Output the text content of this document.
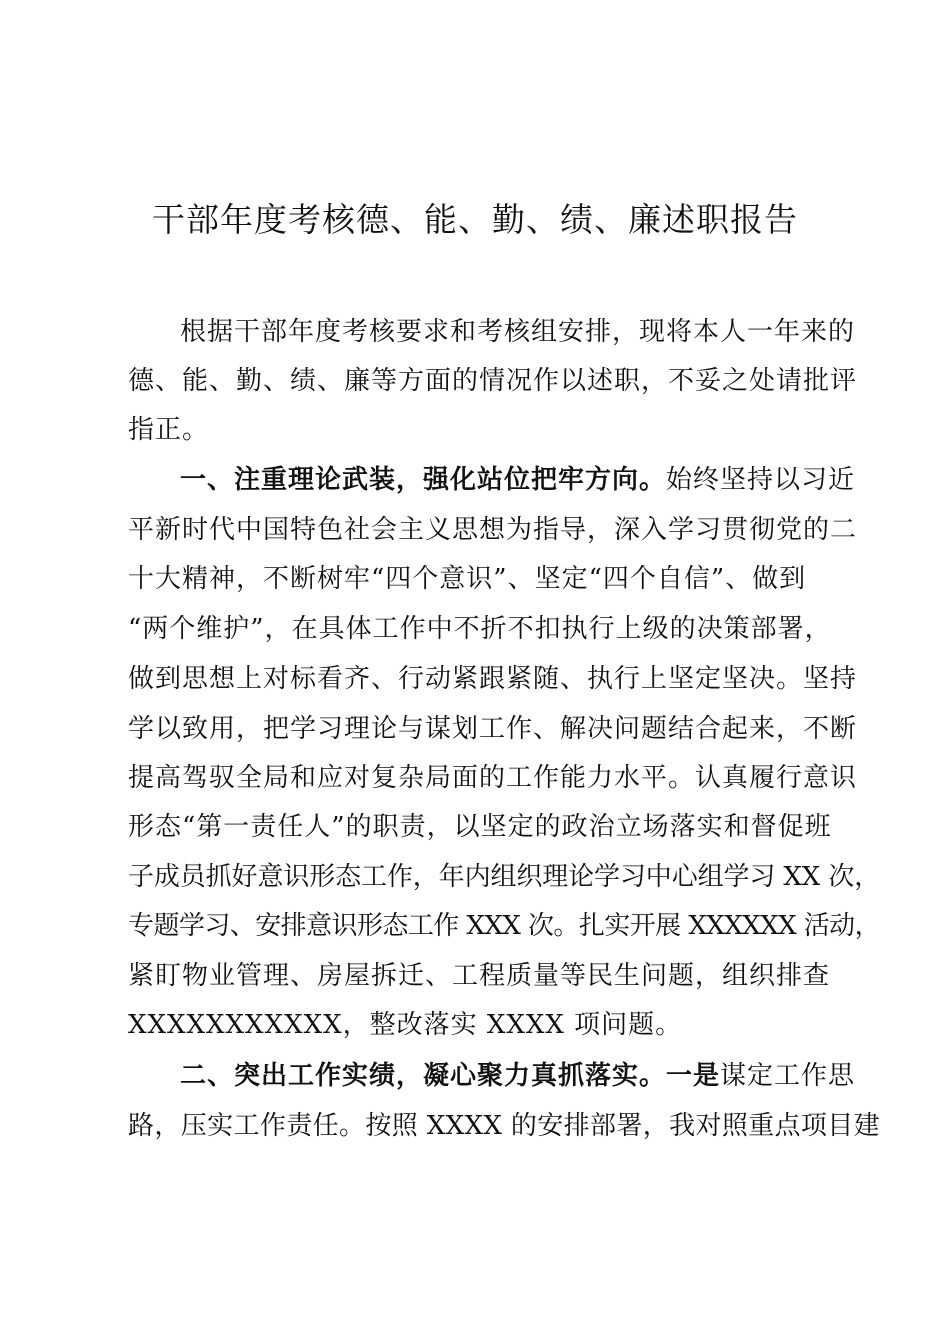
干部年度考核德、能、勤、绩、廉述职报告
根据干部年度考核要求和考核组安排，现将本人一年来的
德、能、勤、绩、廉等方面的情况作以述职，不妥之处请批评
指正。
一、注重理论武装，强化站位把牢方向。始终坚持以习近
平新时代中国特色社会主义思想为指导，深入学习贯彻党的二
十大精神，不断树牢“四个意识”、坚定“四个自信”、做到
“两个维护”，在具体工作中不折不扣执行上级的决策部署，
做到思想上对标看齐、行动紧跟紧随、执行上坚定坚决。坚持
学以致用，把学习理论与谋划工作、解决问题结合起来，不断
提高驾驭全局和应对复杂局面的工作能力水平。认真履行意识
形态“第一责任人”的职责，以坚定的政治立场落实和督促班
子成员抓好意识形态工作，年内组织理论学习中心组学习 XX 次，
专题学习、安排意识形态工作 XXX 次。扎实开展 XXXXXX 活动，
紧盯物业管理、房屋拆迁、工程质量等民生问题，组织排查
XXXXXXXXXXX，整改落实 XXXX 项问题。
二、突出工作实绩，凝心聚力真抓落实。一是谋定工作思
路，压实工作责任。按照 XXXX 的安排部署，我对照重点项目建
